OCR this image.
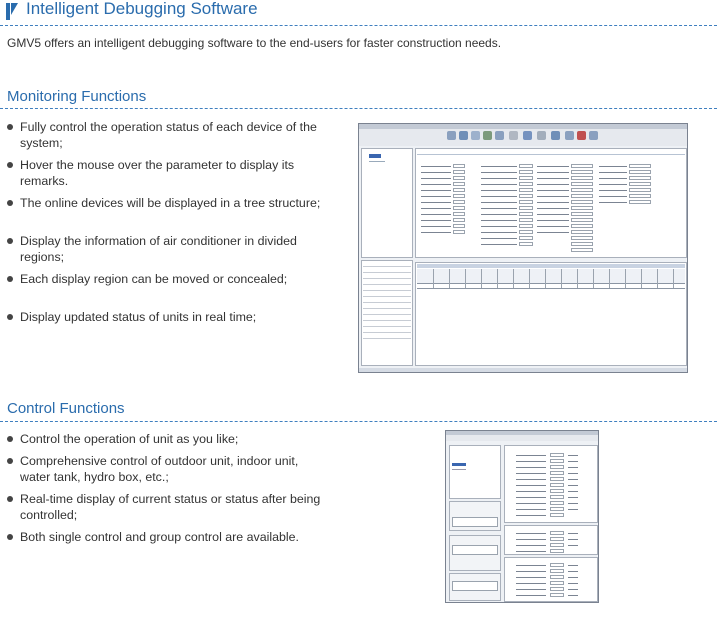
Intelligent Debugging Software
GMV5 offers an intelligent debugging software to the end-users for faster construction needs.
Monitoring Functions
Fully control the operation status of each device of the system;
Hover the mouse over the parameter to display its remarks.
The online devices will be displayed in a tree structure;
Display the information of air conditioner in divided regions;
Each display region can be moved or concealed;
Display updated status of units in real time;
Control Functions
Control the operation of unit as you like;
Comprehensive control of outdoor unit, indoor unit, water tank, hydro box, etc.;
Real-time display of current status or status after being controlled;
Both single control and group control are available.
